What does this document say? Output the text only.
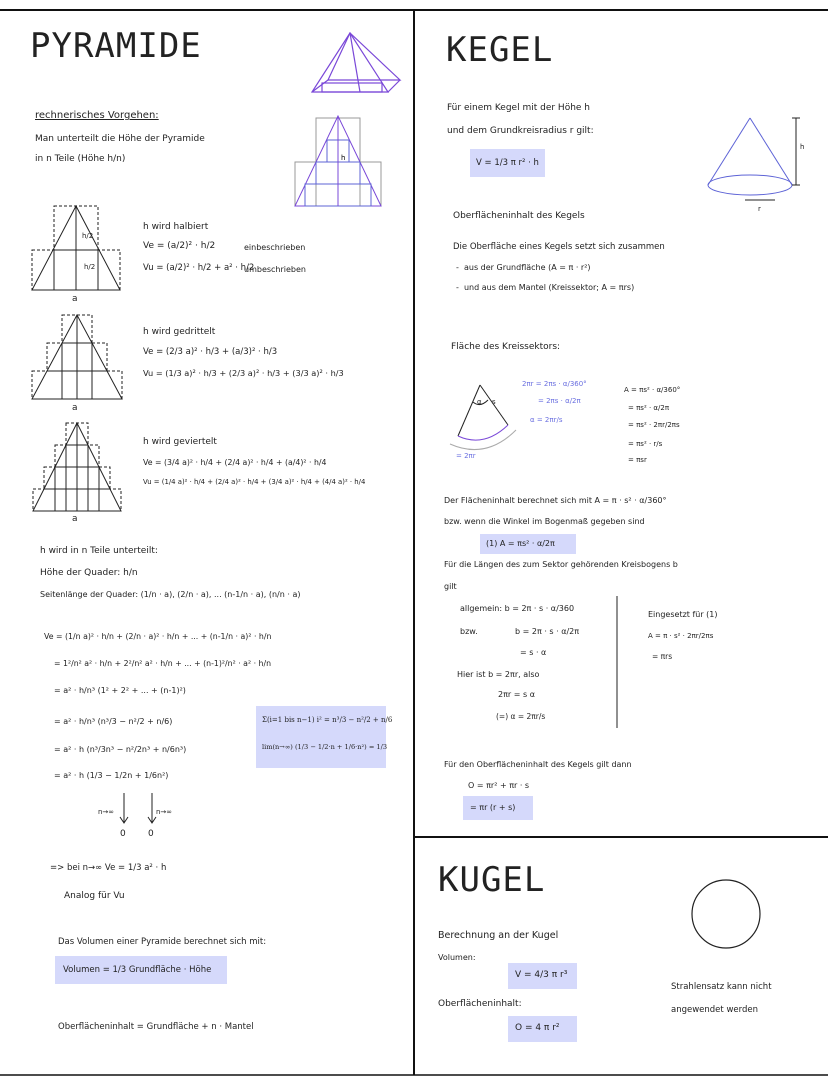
PYRAMIDE
rechnerisches Vorgehen:
Man unterteilt die Höhe der Pyramide
in n Teile (Höhe h/n)	h
h/2
h/2
a
h wird halbiert
Ve = (a/2)² · h/2	einbeschrieben
Vu = (a/2)² · h/2 + a² · h/2
umbeschrieben
a
h wird gedrittelt
Ve = (2/3 a)² · h/3 + (a/3)² · h/3
Vu = (1/3 a)² · h/3 + (2/3 a)² · h/3 + (3/3 a)² · h/3
a
h wird geviertelt
Ve = (3/4 a)² · h/4 + (2/4 a)² · h/4 + (a/4)² · h/4
Vu = (1/4 a)² · h/4 + (2/4 a)² · h/4 + (3/4 a)² · h/4 + (4/4 a)² · h/4
h wird in n Teile unterteilt:
Höhe der Quader: h/n
Seitenlänge der Quader: (1/n · a), (2/n · a), ... (n-1/n · a), (n/n · a)
Ve = (1/n a)² · h/n + (2/n · a)² · h/n + ... + (n-1/n · a)² · h/n
= 1²/n² a² · h/n + 2²/n² a² · h/n + ... + (n-1)²/n² · a² · h/n
= a² · h/n³ (1² + 2² + ... + (n-1)²)
= a² · h/n³ (n³/3 − n²/2 + n/6)
= a² · h (n³/3n³ − n²/2n³ + n/6n³)
= a² · h (1/3 − 1/2n + 1/6n²)
n→∞	n→∞
0 0
Σ(i=1 bis n−1) i² = n³/3 − n²/2 + n/6
lim(n→∞) (1/3 − 1/2·n + 1/6·n²) = 1/3
=> bei n→∞ Ve = 1/3 a² · h
Analog für Vu
Das Volumen einer Pyramide berechnet sich mit:
Volumen = 1/3 Grundfläche · Höhe
Oberflächeninhalt = Grundfläche + n · Mantel
KEGEL
Für einem Kegel mit der Höhe h
und dem Grundkreisradius r gilt:
V = 1/3 π r² · h
h
r
Oberflächeninhalt des Kegels
Die Oberfläche eines Kegels setzt sich zusammen
-  aus der Grundfläche (A = π · r²)
-  und aus dem Mantel (Kreissektor; A = πrs)
Fläche des Kreissektors:
s
α
= 2πr
2πr = 2πs · α/360°
= 2πs · α/2π
α = 2πr/s
A = πs² · α/360°
= πs² · α/2π
= πs² · 2πr/2πs
= πs² · r/s
= πsr
Der Flächeninhalt berechnet sich mit A = π · s² · α/360°
bzw. wenn die Winkel im Bogenmaß gegeben sind
(1) A = πs² · α/2π
Für die Längen des zum Sektor gehörenden Kreisbogens b
gilt
allgemein: b = 2π · s · α/360
bzw.	b = 2π · s · α/2π
= s · α
Hier ist b = 2πr, also
2πr = s α
(=) α = 2πr/s
Eingesetzt für (1)
A = π · s² · 2πr/2πs
= πrs
Für den Oberflächeninhalt des Kegels gilt dann
O = πr² + πr · s
= πr (r + s)
KUGEL
Berechnung an der Kugel
Volumen:
V = 4/3 π r³
Oberflächeninhalt:
O = 4 π r²
Strahlensatz kann nicht
angewendet werden
